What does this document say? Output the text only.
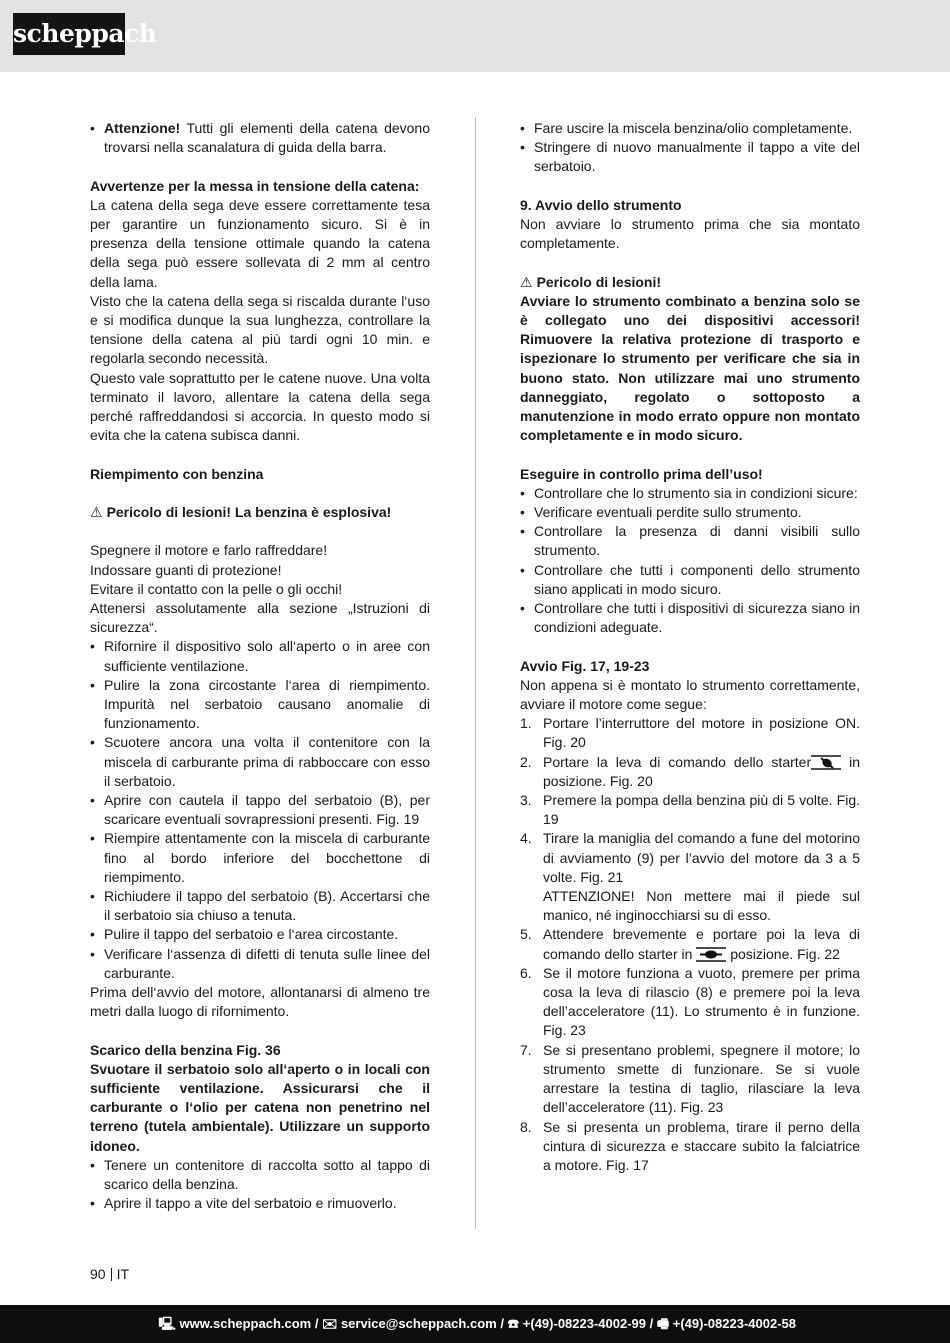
scheppach
• Attenzione! Tutti gli elementi della catena devono trovarsi nella scanalatura di guida della barra.

Avvertenze per la messa in tensione della catena:

La catena della sega deve essere correttamente tesa per garantire un funzionamento sicuro. Si è in presenza della tensione ottimale quando la catena della sega può essere sollevata di 2 mm al centro della lama.

Visto che la catena della sega si riscalda durante l‘uso e si modifica dunque la sua lunghezza, controllare la tensione della catena al più tardi ogni 10 min. e regolarla secondo necessità.

Questo vale soprattutto per le catene nuove. Una volta terminato il lavoro, allentare la catena della sega perché raffreddandosi si accorcia. In questo modo si evita che la catena subisca danni.

Riempimento con benzina

⚠ Pericolo di lesioni! La benzina è esplosiva!

Spegnere il motore e farlo raffreddare!

Indossare guanti di protezione!

Evitare il contatto con la pelle o gli occhi!

Attenersi assolutamente alla sezione „Istruzioni di sicurezza“.

• Rifornire il dispositivo solo all‘aperto o in aree con sufficiente ventilazione.
• Pulire la zona circostante l‘area di riempimento. Impurità nel serbatoio causano anomalie di funzionamento.
• Scuotere ancora una volta il contenitore con la miscela di carburante prima di rabboccare con esso il serbatoio.
• Aprire con cautela il tappo del serbatoio (B), per scaricare eventuali sovrapressioni presenti. Fig. 19
• Riempire attentamente con la miscela di carburante fino al bordo inferiore del bocchettone di riempimento.
• Richiudere il tappo del serbatoio (B). Accertarsi che il serbatoio sia chiuso a tenuta.
• Pulire il tappo del serbatoio e l‘area circostante.
• Verificare l‘assenza di difetti di tenuta sulle linee del carburante.

Prima dell‘avvio del motore, allontanarsi di almeno tre metri dalla luogo di rifornimento.

Scarico della benzina Fig. 36

Svuotare il serbatoio solo all‘aperto o in locali con sufficiente ventilazione. Assicurarsi che il carburante o l‘olio per catena non penetrino nel terreno (tutela ambientale). Utilizzare un supporto idoneo.

• Tenere un contenitore di raccolta sotto al tappo di scarico della benzina.
• Aprire il tappo a vite del serbatoio e rimuoverlo.
• Fare uscire la miscela benzina/olio completamente.
• Stringere di nuovo manualmente il tappo a vite del serbatoio.

9. Avvio dello strumento

Non avviare lo strumento prima che sia montato completamente.

⚠ Pericolo di lesioni!

Avviare lo strumento combinato a benzina solo se è collegato uno dei dispositivi accessori! Rimuovere la relativa protezione di trasporto e ispezionare lo strumento per verificare che sia in buono stato. Non utilizzare mai uno strumento danneggiato, regolato o sottoposto a manutenzione in modo errato oppure non montato completamente e in modo sicuro.

Eseguire in controllo prima dell’uso!

• Controllare che lo strumento sia in condizioni sicure:
• Verificare eventuali perdite sullo strumento.
• Controllare la presenza di danni visibili sullo strumento.
• Controllare che tutti i componenti dello strumento siano applicati in modo sicuro.
• Controllare che tutti i dispositivi di sicurezza siano in condizioni adeguate.

Avvio Fig. 17, 19-23

Non appena si è montato lo strumento correttamente, avviare il motore come segue:

1. Portare l’interruttore del motore in posizione ON. Fig. 20
2. Portare la leva di comando dello starter in posizione. Fig. 20
3. Premere la pompa della benzina più di 5 volte. Fig. 19
4. Tirare la maniglia del comando a fune del motorino di avviamento (9) per l’avvio del motore da 3 a 5 volte. Fig. 21
ATTENZIONE! Non mettere mai il piede sul manico, né inginocchiarsi su di esso.
5. Attendere brevemente e portare poi la leva di comando dello starter in  posizione. Fig. 22
6. Se il motore funziona a vuoto, premere per prima cosa la leva di rilascio (8) e premere poi la leva dell’acceleratore (11). Lo strumento è in funzione. Fig. 23
7. Se si presentano problemi, spegnere il motore; lo strumento smette di funzionare. Se si vuole arrestare la testina di taglio, rilasciare la leva dell’acceleratore (11). Fig. 23
8. Se si presenta un problema, tirare il perno della cintura di sicurezza e staccare subito la falciatrice a motore. Fig. 17
90 IT
🖳 www.scheppach.com / ✉ service@scheppach.com / ☎ +(49)-08223-4002-99 / 🖷 +(49)-08223-4002-58
